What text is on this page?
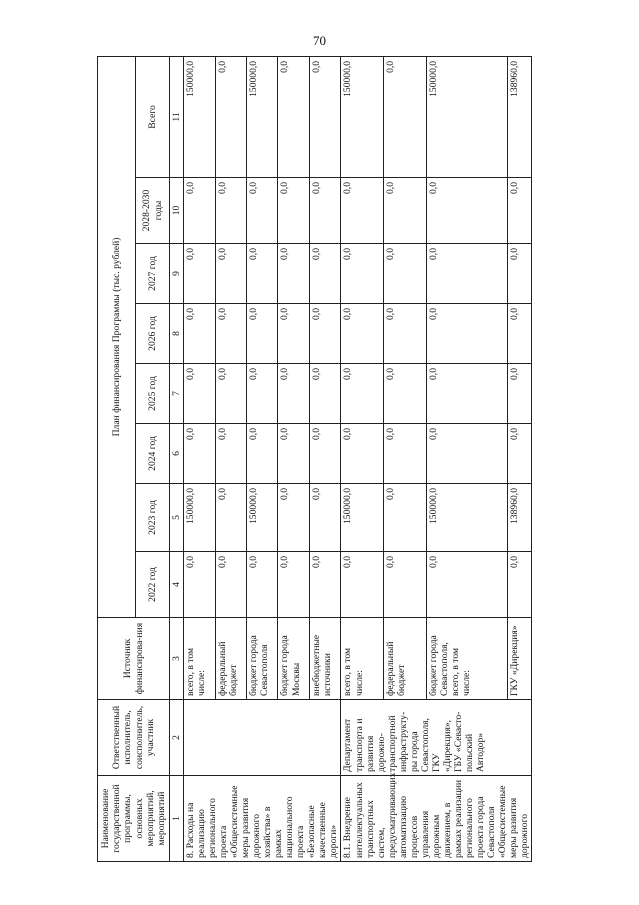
70
Наименование государственной программы, основных мероприятий, мероприятий	Ответственный исполнитель, соисполнитель, участник	Источник финансирова-ния	План финансирования Программы (тыс. рублей)							
			2022 год	2023 год	2024 год	2025 год	2026 год	2027 год	2028-2030 годы	Всего
1	2	3	4	5	6	7	8	9	10	11
8. Расходы на реализацию регионального проекта «Общесистемные меры развития дорожного хозяйства» в рамках национального проекта «Безопасные качественные дороги»		всего, в том числе:	0,0	150000,0	0,0	0,0	0,0	0,0	0,0	150000,0
		федеральный бюджет	0,0	0,0	0,0	0,0	0,0	0,0	0,0	0,0
		бюджет города Севастополя	0,0	150000,0	0,0	0,0	0,0	0,0	0,0	150000,0
		бюджет города Москвы	0,0	0,0	0,0	0,0	0,0	0,0	0,0	0,0
		внебюджетные источники	0,0	0,0	0,0	0,0	0,0	0,0	0,0	0,0
8.1. Внедрение интеллектуальных транспортных систем, предусматривающих автоматизацию процессов управления дорожным движением, в рамках реализации регионального проекта города Севастополя «Общесистемные меры развития дорожного	Департамент транспорта и развития дорожно-транспортной инфраструкту-ры города Севастополя, ГКУ «Дирекция», ГБУ «Севасто-польский Автодор»	всего, в том числе:	0,0	150000,0	0,0	0,0	0,0	0,0	0,0	150000,0
		федеральный бюджет	0,0	0,0	0,0	0,0	0,0	0,0	0,0	0,0
		бюджет города Севастополя, всего, в том числе:	0,0	150000,0	0,0	0,0	0,0	0,0	0,0	150000,0
		ГКУ «Дирекция»	0,0	138960,0	0,0	0,0	0,0	0,0	0,0	138960,0
